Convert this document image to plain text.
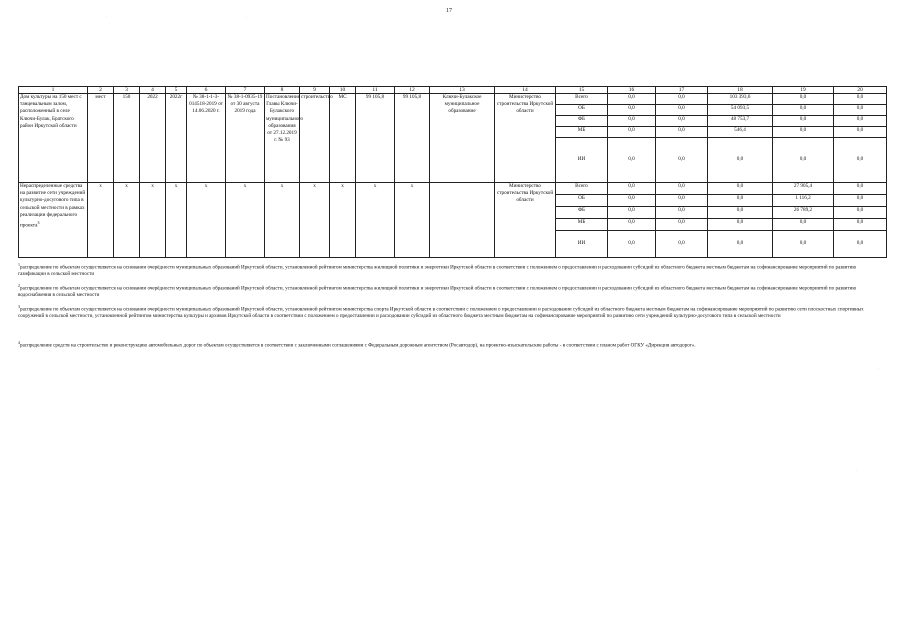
17
1	2	3	4	5	6	7	8	9	10	11	12	13	14	15	16	17	18	19	20
Дом культуры на 150 мест с танцевальным залом, расположенный в селе Ключи-Булак, Братского район Иркутской области	мест	150	2022	2022г	№ 38-1-1-3-014518-2019 от 14.06.2020 г.	№ 38-1-0935-19 от 30 августа 2019 года	Постановление Главы Ключи-Булакского муниципального образования от 27.12.2019 г. № 93	строительство	МС	99 105,8	99 105,8	Ключи-Булакское муниципальное образование	Министерство строительства Иркутской области	Всего	0,0	0,0	103 393,6	0,0	0,0
														ОБ	0,0	0,0	54 093,5	0,0	0,0
														ФБ	0,0	0,0	48 753,7	0,0	0,0
														МБ	0,0	0,0	546,4	0,0	0,0
														ИИ	0,0	0,0	0,0	0,0	0,0
Нераспределенные средства на развитие сети учреждений культурно-досугового типа в сельской местности в рамках реализации федерального проекта$^3$	x	x	x	x	x	x	x	x	x	x	x		Министерство строительства Иркутской области	Всего	0,0	0,0	0,0	27 905,4	0,0
														ОБ	0,0	0,0	0,0	1 116,2	0,0
														ФБ	0,0	0,0	0,0	26 789,2	0,0
														МБ	0,0	0,0	0,0	0,0	0,0
														ИИ	0,0	0,0	0,0	0,0	0,0
$^1$распределение по объектам осуществляется на основании очерёдности муниципальных образований Иркутской области, установленной рейтингом министерства жилищной политики и энергетики Иркутской области в соответствии с положением о предоставлении и расходовании субсидий из областного бюджета местным бюджетам на софинансирование мероприятий по развитию газификации в сельской местности
$^2$распределение по объектам осуществляется на основании очерёдности муниципальных образований Иркутской области, установленной рейтингом министерства жилищной политики и энергетики Иркутской области в соответствии с положением о предоставлении и расходовании субсидий из областного бюджета местным бюджетам на софинансирование мероприятий по развитию водоснабжения в сельской местности
$^3$распределение по объектам осуществляется на основании очерёдности муниципальных образований Иркутской области, установленной рейтингом министерства спорта Иркутской области в соответствии с положением о предоставлении и расходовании субсидий из областного бюджета местным бюджетам на софинансирование мероприятий по развитию сети плоскостных спортивных сооружений в сельской местности, установленной рейтингом министерства культуры и архивов Иркутской области в соответствии с положением о предоставлении и расходовании субсидий из областного бюджета местным бюджетам на софинансирование мероприятий по развитию сети учреждений культурно-досугового типа в сельской местности
$^4$распределение средств на строительство и реконструкцию автомобильных дорог по объектам осуществляется в соответствии с заключенными соглашениями с Федеральным дорожным агентством (Росавтодор), на проектно-изыскательские работы - в соответствии с планом работ ОГКУ «Дирекция автодорог».
·	·
·
·
